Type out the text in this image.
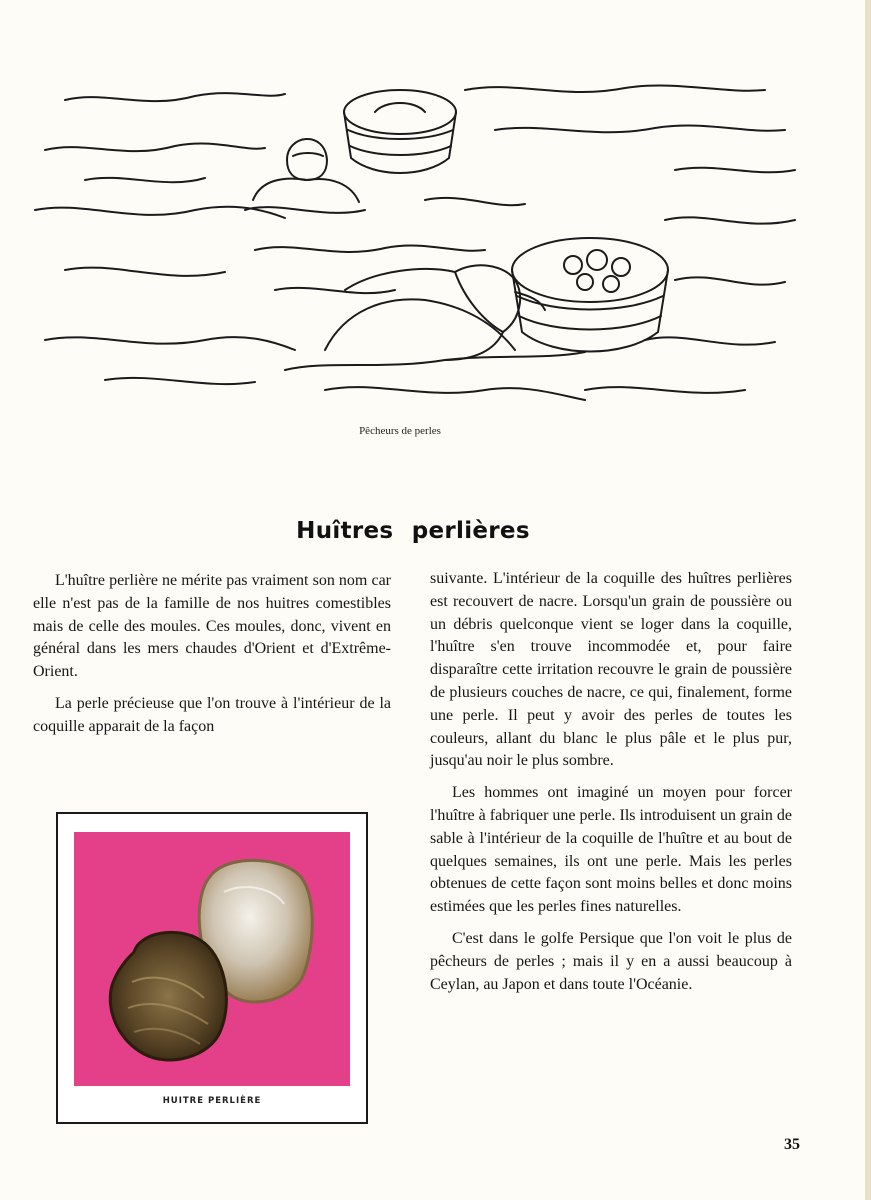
Pêcheurs de perles
Huîtres perlières

L'huître perlière ne mérite pas vraiment son nom car elle n'est pas de la famille de nos huitres comestibles mais de celle des moules. Ces moules, donc, vivent en général dans les mers chaudes d'Orient et d'Extrême-Orient.

La perle précieuse que l'on trouve à l'intérieur de la coquille apparait de la façon

suivante. L'intérieur de la coquille des huîtres perlières est recouvert de nacre. Lorsqu'un grain de poussière ou un débris quelconque vient se loger dans la coquille, l'huître s'en trouve incommodée et, pour faire disparaître cette irritation recouvre le grain de poussière de plusieurs couches de nacre, ce qui, finalement, forme une perle. Il peut y avoir des perles de toutes les couleurs, allant du blanc le plus pâle et le plus pur, jusqu'au noir le plus sombre.

Les hommes ont imaginé un moyen pour forcer l'huître à fabriquer une perle. Ils introduisent un grain de sable à l'intérieur de la coquille de l'huître et au bout de quelques semaines, ils ont une perle. Mais les perles obtenues de cette façon sont moins belles et donc moins estimées que les perles fines naturelles.

C'est dans le golfe Persique que l'on voit le plus de pêcheurs de perles ; mais il y en a aussi beaucoup à Ceylan, au Japon et dans toute l'Océanie.

HUITRE PERLIÈRE
35
